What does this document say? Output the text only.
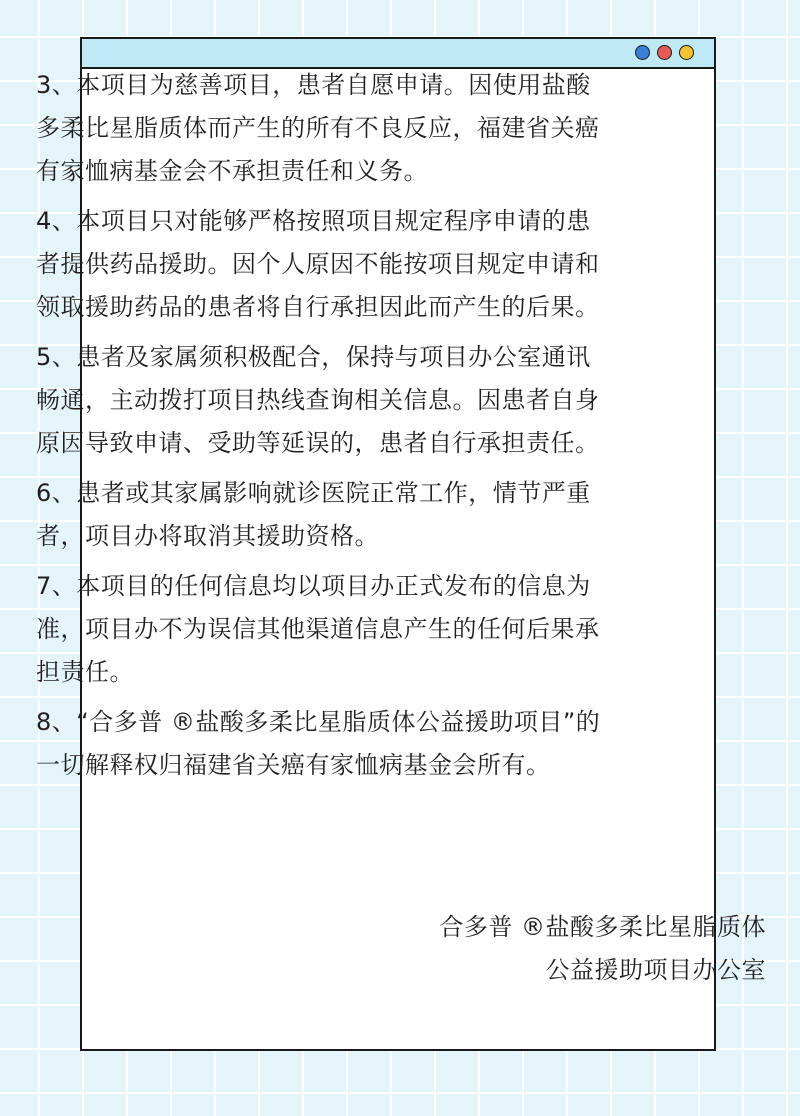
3、本项目为慈善项目，患者自愿申请。因使用盐酸多柔比星脂质体而产生的所有不良反应，福建省关癌有家恤病基金会不承担责任和义务。

4、本项目只对能够严格按照项目规定程序申请的患者提供药品援助。因个人原因不能按项目规定申请和领取援助药品的患者将自行承担因此而产生的后果。

5、患者及家属须积极配合，保持与项目办公室通讯畅通，主动拨打项目热线查询相关信息。因患者自身原因导致申请、受助等延误的，患者自行承担责任。

6、患者或其家属影响就诊医院正常工作，情节严重者，项目办将取消其援助资格。

7、本项目的任何信息均以项目办正式发布的信息为准，项目办不为误信其他渠道信息产生的任何后果承担责任。

8、“合多普 ®盐酸多柔比星脂质体公益援助项目”的一切解释权归福建省关癌有家恤病基金会所有。

合多普 ®盐酸多柔比星脂质体
公益援助项目办公室
